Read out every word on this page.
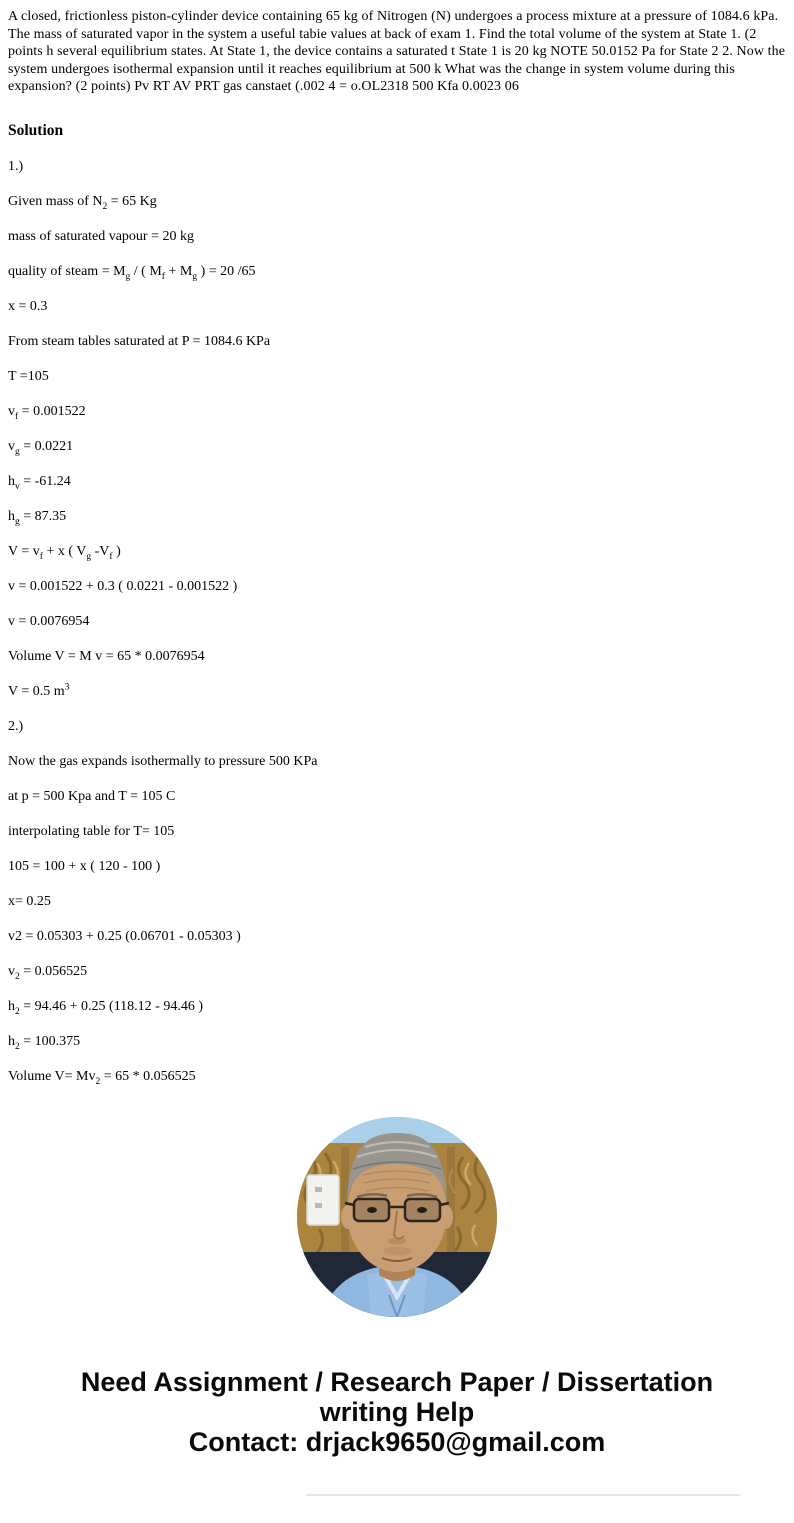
A closed, frictionless piston-cylinder device containing 65 kg of Nitrogen (N) undergoes a process mixture at a pressure of 1084.6 kPa. The mass of saturated vapor in the system a useful tabie values at back of exam 1. Find the total volume of the system at State 1. (2 points h several equilibrium states. At State 1, the device contains a saturated t State 1 is 20 kg NOTE 50.0152 Pa for State 2 2. Now the system undergoes isothermal expansion until it reaches equilibrium at 500 k What was the change in system volume during this expansion? (2 points) Pv RT AV PRT gas canstaet (.002 4 = o.OL2318 500 Kfa 0.0023 06

Solution

1.)

Given mass of $N_2 = 65$ Kg

mass of saturated vapour = 20 kg

quality of steam = $M_g$ / ( $M_f + M_g$ ) = 20 /65

x = 0.3

From steam tables saturated at P = 1084.6 KPa

T =105

$v_f = 0.001522$

$v_g = 0.0221$

$h_v = -61.24$

$h_g = 87.35$

$V = v_f + x$ ( $V_g$ $-V_f$ )

v = 0.001522 + 0.3 ( 0.0221 - 0.001522 )

v = 0.0076954

Volume V = M v = 65 * 0.0076954

V = 0.5 $m^3$

2.)

Now the gas expands isothermally to pressure 500 KPa

at p = 500 Kpa and T = 105 C

interpolating table for T= 105

105 = 100 + x ( 120 - 100 )

x= 0.25

v2 = 0.05303 + 0.25 (0.06701 - 0.05303 )

$v_2 = 0.056525$

$h_2 = 94.46 + 0.25$ (118.12 - 94.46 )

$h_2 = 100.375$

Volume $V= Mv_2 = 65 * 0.056525$

Need Assignment / Research Paper / Dissertation
writing Help
Contact: drjack9650@gmail.com
